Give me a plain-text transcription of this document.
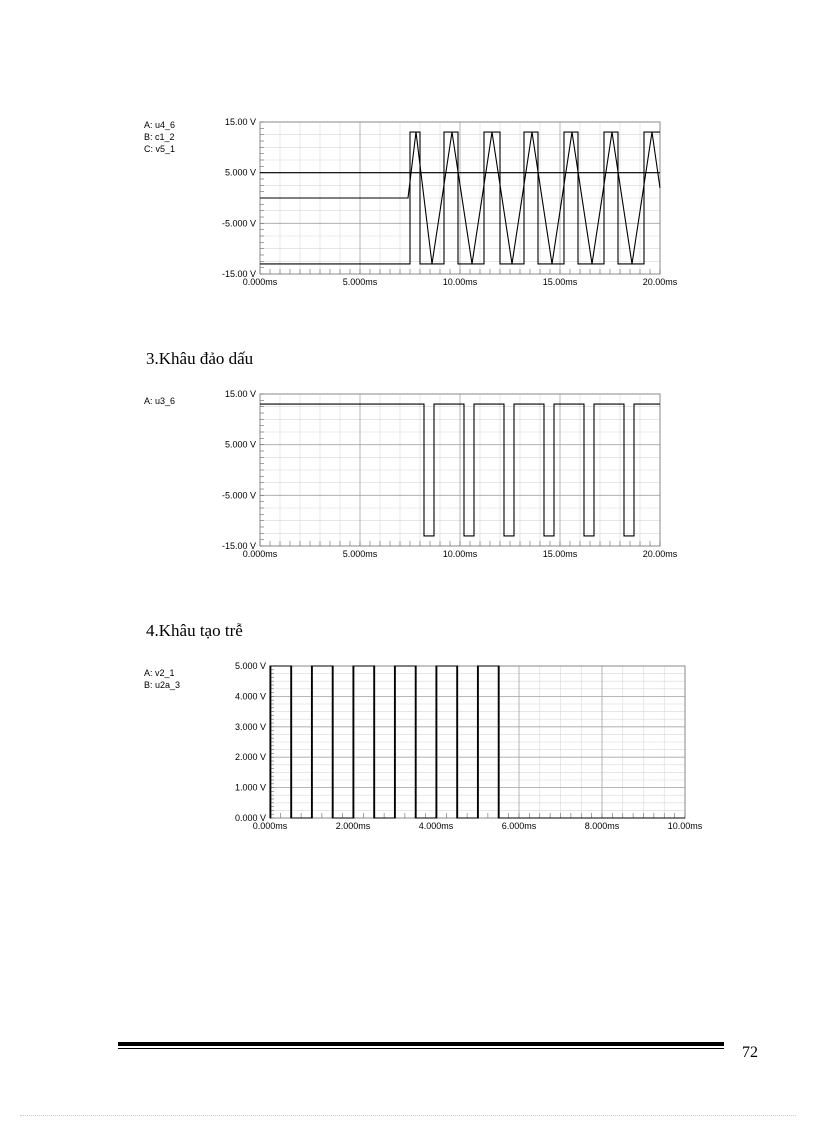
15.00 V
5.000 V
-5.000 V
-15.00 V
0.000ms	5.000ms	10.00ms	15.00ms	20.00ms
A: u4_6
B: c1_2
C: v5_1
3.Khâu đảo dấu
15.00 V
5.000 V
-5.000 V
-15.00 V
0.000ms	5.000ms	10.00ms	15.00ms	20.00ms
A: u3_6
4.Khâu tạo trễ
5.000 V
4.000 V
3.000 V
2.000 V
1.000 V
0.000 V
0.000ms	2.000ms	4.000ms	6.000ms	8.000ms	10.00ms
A: v2_1
B: u2a_3
72
